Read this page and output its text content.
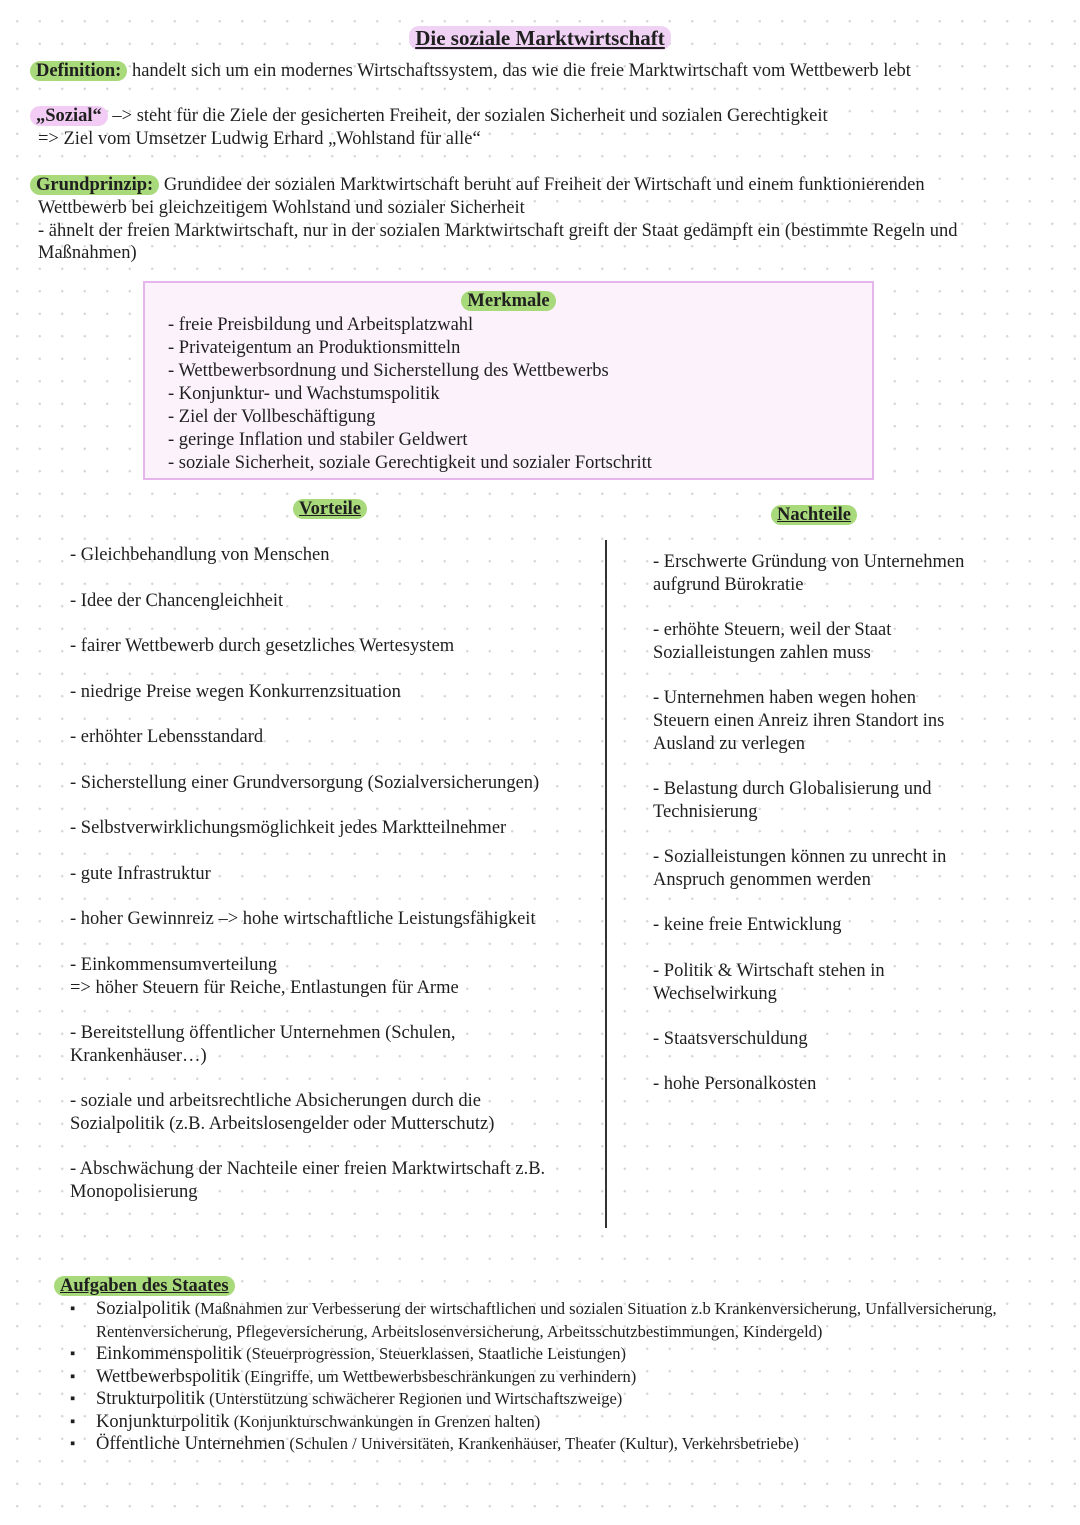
Die soziale Marktwirtschaft
Definition: handelt sich um ein modernes Wirtschaftssystem, das wie die freie Marktwirtschaft vom Wettbewerb lebt
„Sozial“ –> steht für die Ziele der gesicherten Freiheit, der sozialen Sicherheit und sozialen Gerechtigkeit
=> Ziel vom Umsetzer Ludwig Erhard „Wohlstand für alle“
Grundprinzip: Grundidee der sozialen Marktwirtschaft beruht auf Freiheit der Wirtschaft und einem funktionierenden
Wettbewerb bei gleichzeitigem Wohlstand und sozialer Sicherheit
- ähnelt der freien Marktwirtschaft, nur in der sozialen Marktwirtschaft greift der Staat gedämpft ein (bestimmte Regeln und
Maßnahmen)
Merkmale
- freie Preisbildung und Arbeitsplatzwahl
- Privateigentum an Produktionsmitteln
- Wettbewerbsordnung und Sicherstellung des Wettbewerbs
- Konjunktur- und Wachstumspolitik
- Ziel der Vollbeschäftigung
- geringe Inflation und stabiler Geldwert
- soziale Sicherheit, soziale Gerechtigkeit und sozialer Fortschritt
Vorteile	Nachteile
- Gleichbehandlung von Menschen
- Idee der Chancengleichheit
- fairer Wettbewerb durch gesetzliches Wertesystem
- niedrige Preise wegen Konkurrenzsituation
- erhöhter Lebensstandard
- Sicherstellung einer Grundversorgung (Sozialversicherungen)
- Selbstverwirklichungsmöglichkeit jedes Marktteilnehmer
- gute Infrastruktur
- hoher Gewinnreiz –> hohe wirtschaftliche Leistungsfähigkeit
- Einkommensumverteilung
=> höher Steuern für Reiche, Entlastungen für Arme
- Bereitstellung öffentlicher Unternehmen (Schulen,
Krankenhäuser…)
- soziale und arbeitsrechtliche Absicherungen durch die
Sozialpolitik (z.B. Arbeitslosengelder oder Mutterschutz)
- Abschwächung der Nachteile einer freien Marktwirtschaft z.B.
Monopolisierung
- Erschwerte Gründung von Unternehmen
aufgrund Bürokratie
- erhöhte Steuern, weil der Staat
Sozialleistungen zahlen muss
- Unternehmen haben wegen hohen
Steuern einen Anreiz ihren Standort ins
Ausland zu verlegen
- Belastung durch Globalisierung und
Technisierung
- Sozialleistungen können zu unrecht in
Anspruch genommen werden
- keine freie Entwicklung
- Politik & Wirtschaft stehen in
Wechselwirkung
- Staatsverschuldung
- hohe Personalkosten
Aufgaben des Staates
▪ Sozialpolitik (Maßnahmen zur Verbesserung der wirtschaftlichen und sozialen Situation z.b Krankenversicherung, Unfallversicherung, Rentenversicherung, Pflegeversicherung, Arbeitslosenversicherung, Arbeitsschutzbestimmungen, Kindergeld)
▪ Einkommenspolitik (Steuerprogression, Steuerklassen, Staatliche Leistungen)
▪ Wettbewerbspolitik (Eingriffe, um Wettbewerbsbeschränkungen zu verhindern)
▪ Strukturpolitik (Unterstützung schwächerer Regionen und Wirtschaftszweige)
▪ Konjunkturpolitik (Konjunkturschwankungen in Grenzen halten)
▪ Öffentliche Unternehmen (Schulen / Universitäten, Krankenhäuser, Theater (Kultur), Verkehrsbetriebe)
